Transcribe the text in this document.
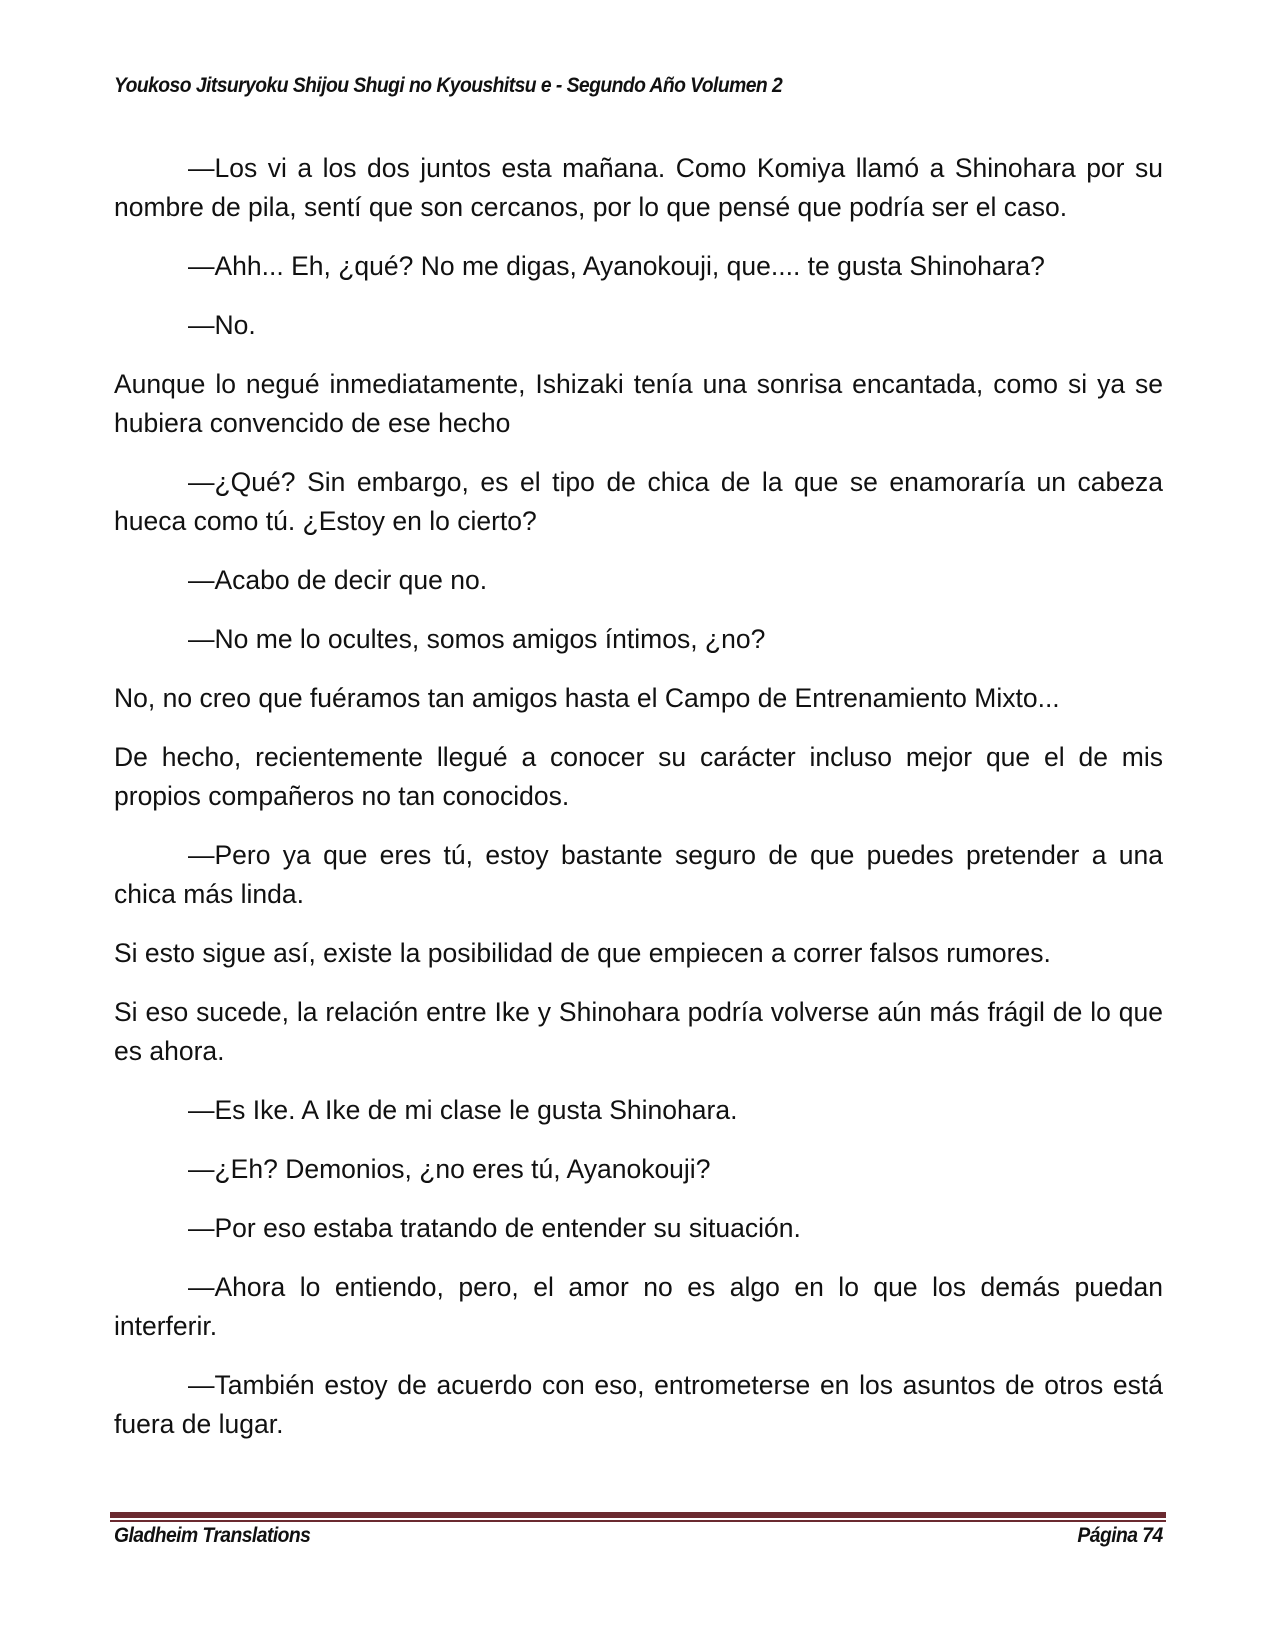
Youkoso Jitsuryoku Shijou Shugi no Kyoushitsu e - Segundo Año Volumen 2

—Los vi a los dos juntos esta mañana. Como Komiya llamó a Shinohara por su nombre de pila, sentí que son cercanos, por lo que pensé que podría ser el caso.

—Ahh... Eh, ¿qué? No me digas, Ayanokouji, que.... te gusta Shinohara?

—No.

Aunque lo negué inmediatamente, Ishizaki tenía una sonrisa encantada, como si ya se hubiera convencido de ese hecho

—¿Qué? Sin embargo, es el tipo de chica de la que se enamoraría un cabeza hueca como tú. ¿Estoy en lo cierto?

—Acabo de decir que no.

—No me lo ocultes, somos amigos íntimos, ¿no?

No, no creo que fuéramos tan amigos hasta el Campo de Entrenamiento Mixto...

De hecho, recientemente llegué a conocer su carácter incluso mejor que el de mis propios compañeros no tan conocidos.

—Pero ya que eres tú, estoy bastante seguro de que puedes pretender a una chica más linda.

Si esto sigue así, existe la posibilidad de que empiecen a correr falsos rumores.

Si eso sucede, la relación entre Ike y Shinohara podría volverse aún más frágil de lo que es ahora.

—Es Ike. A Ike de mi clase le gusta Shinohara.

—¿Eh? Demonios, ¿no eres tú, Ayanokouji?

—Por eso estaba tratando de entender su situación.

—Ahora lo entiendo, pero, el amor no es algo en lo que los demás puedan interferir.

—También estoy de acuerdo con eso, entrometerse en los asuntos de otros está fuera de lugar.

Gladheim Translations	Página 74
